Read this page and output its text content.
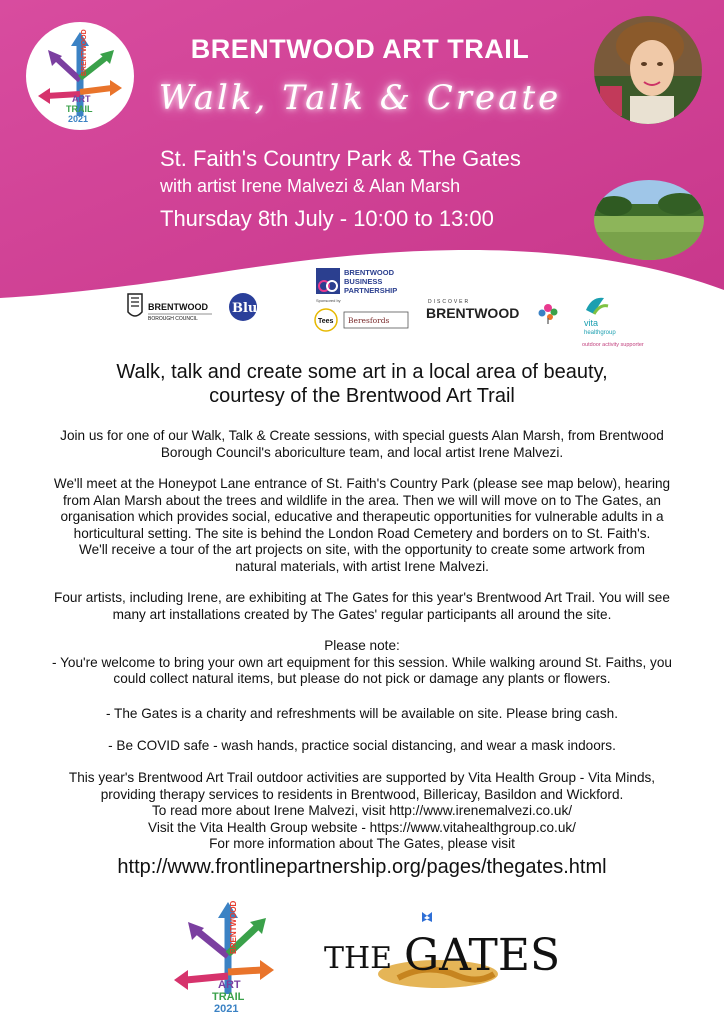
BRENTWOOD
ART
TRAIL
2021
BRENTWOOD ART TRAIL
Walk, Talk & Create
St. Faith's Country Park & The Gates
with artist Irene Malvezi & Alan Marsh
Thursday 8th July - 10:00 to 13:00
BRENTWOOD
BOROUGH COUNCIL
BlueSerif
BRENTWOOD
BUSINESS
PARTNERSHIP
Sponsored by
Tees Beresfords
DISCOVER
BRENTWOOD
vita
healthgroup
outdoor activity supporter
Walk, talk and create some art in a local area of beauty,
courtesy of the Brentwood Art Trail
Join us for one of our Walk, Talk & Create sessions, with special guests Alan Marsh, from Brentwood
Borough Council's aboriculture team, and local artist Irene Malvezi.
We'll meet at the Honeypot Lane entrance of St. Faith's Country Park (please see map below), hearing
from Alan Marsh about the trees and wildlife in the area. Then we will will move on to The Gates, an
organisation which provides social, educative and therapeutic opportunities for vulnerable adults in a
horticultural setting. The site is behind the London Road Cemetery and borders on to St. Faith's.
We'll receive a tour of the art projects on site, with the opportunity to create some artwork from
natural materials, with artist Irene Malvezi.
Four artists, including Irene, are exhibiting at The Gates for this year's Brentwood Art Trail. You will see
many art installations created by The Gates' regular participants all around the site.
Please note:
- You're welcome to bring your own art equipment for this session. While walking around St. Faiths, you
could collect natural items, but please do not pick or damage any plants or flowers.
- The Gates is a charity and refreshments will be available on site. Please bring cash.
- Be COVID safe - wash hands, practice social distancing, and wear a mask indoors.
This year's Brentwood Art Trail outdoor activities are supported by Vita Health Group - Vita Minds,
providing therapy services to residents in Brentwood, Billericay, Basildon and Wickford.
To read more about Irene Malvezi, visit http://www.irenemalvezi.co.uk/
Visit the Vita Health Group website - https://www.vitahealthgroup.co.uk/
For more information about The Gates, please visit
http://www.frontlinepartnership.org/pages/thegates.html
BRENTWOOD
ART
TRAIL
2021
THE GATES
